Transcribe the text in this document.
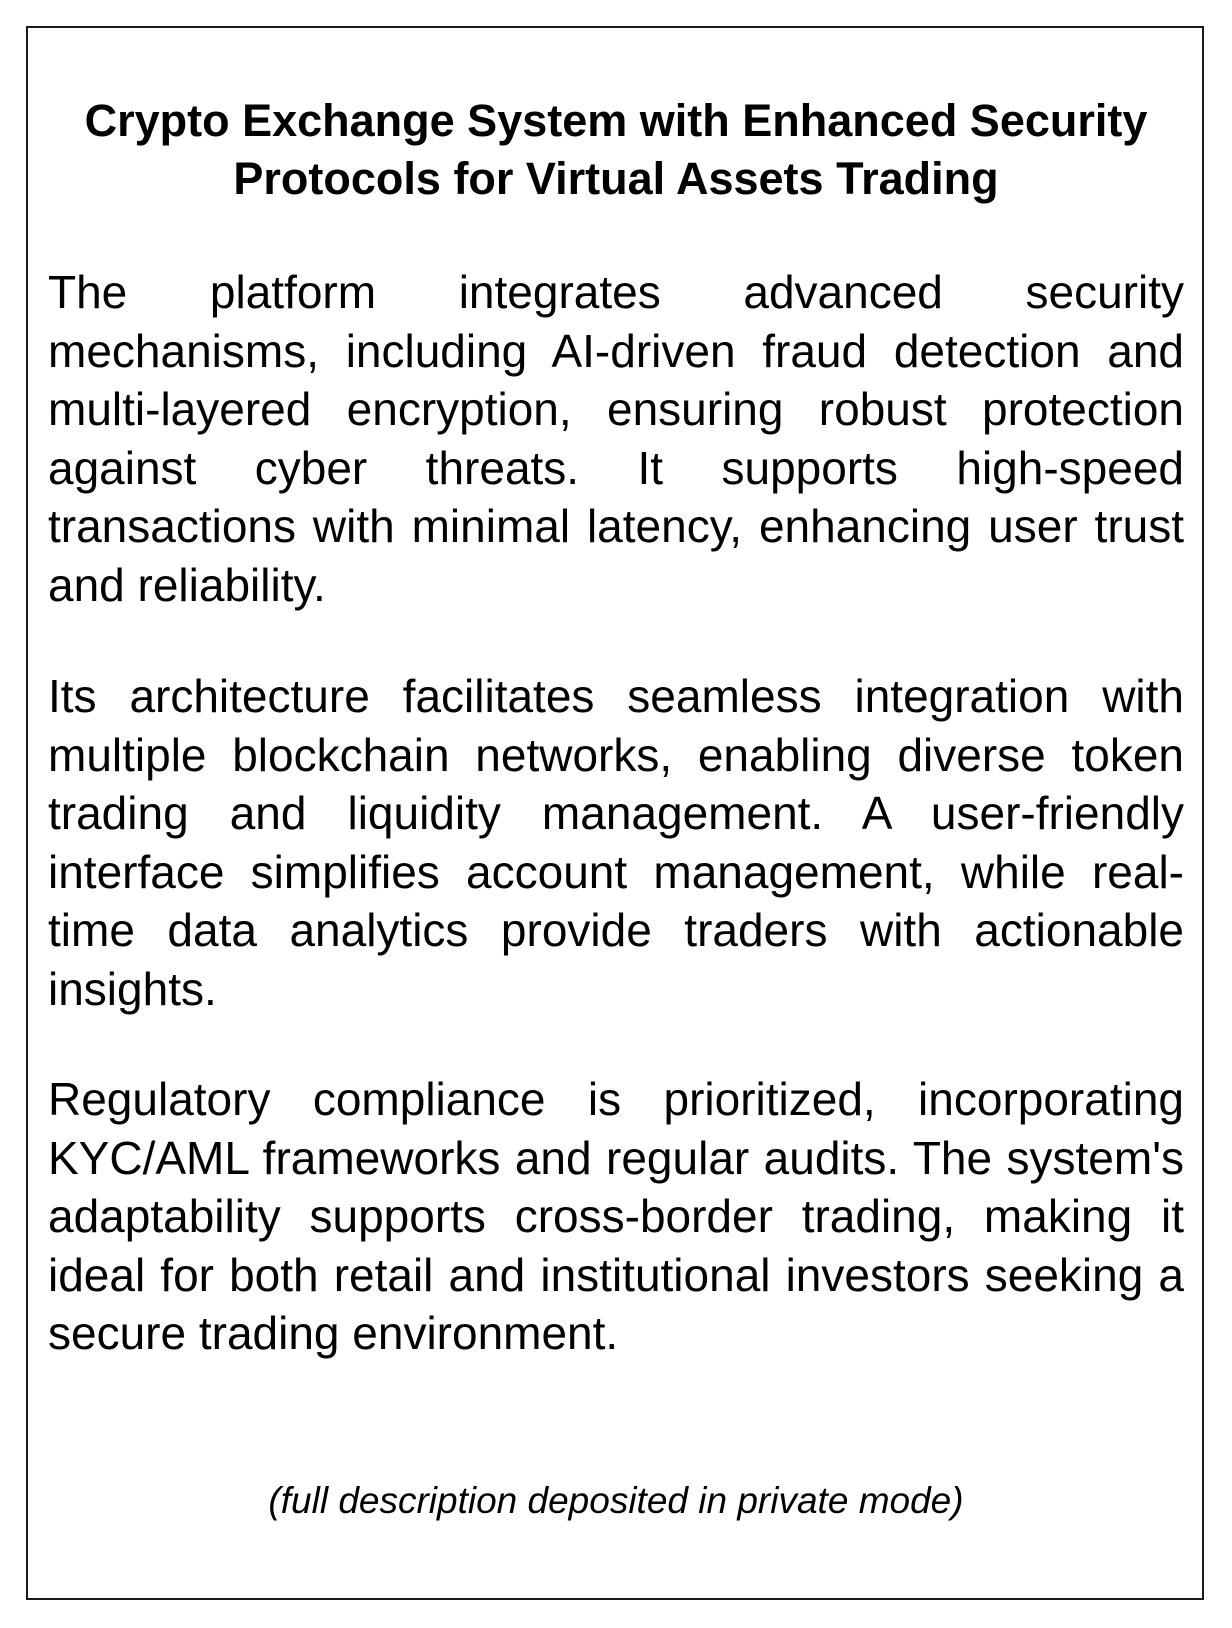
Crypto Exchange System with Enhanced Security Protocols for Virtual Assets Trading

The platform integrates advanced security mechanisms, including AI-driven fraud detection and multi-layered encryption, ensuring robust protection against cyber threats. It supports high-speed transactions with minimal latency, enhancing user trust and reliability.

Its architecture facilitates seamless integration with multiple blockchain networks, enabling diverse token trading and liquidity management. A user-friendly interface simplifies account management, while real-time data analytics provide traders with actionable insights.

Regulatory compliance is prioritized, incorporating KYC/AML frameworks and regular audits. The system's adaptability supports cross-border trading, making it ideal for both retail and institutional investors seeking a secure trading environment.

(full description deposited in private mode)
